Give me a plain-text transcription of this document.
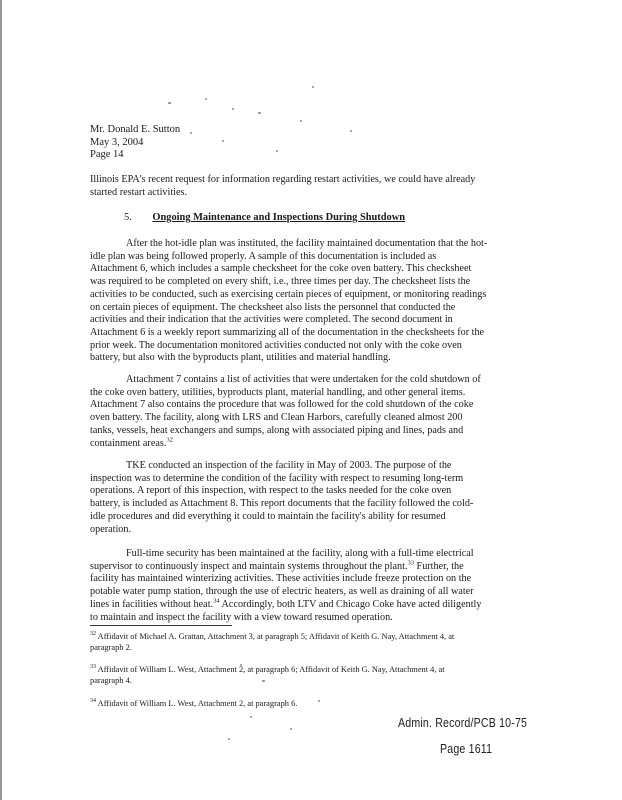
Mr. Donald E. Sutton
May 3, 2004
Page 14

Illinois EPA's recent request for information regarding restart activities, we could have already
started restart activities.

5. Ongoing Maintenance and Inspections During Shutdown

After the hot-idle plan was instituted, the facility maintained documentation that the hot-
idle plan was being followed properly. A sample of this documentation is included as
Attachment 6, which includes a sample checksheet for the coke oven battery. This checksheet
was required to be completed on every shift, i.e., three times per day. The checksheet lists the
activities to be conducted, such as exercising certain pieces of equipment, or monitoring readings
on certain pieces of equipment. The checksheet also lists the personnel that conducted the
activities and their indication that the activities were completed. The second document in
Attachment 6 is a weekly report summarizing all of the documentation in the checksheets for the
prior week. The documentation monitored activities conducted not only with the coke oven
battery, but also with the byproducts plant, utilities and material handling.

Attachment 7 contains a list of activities that were undertaken for the cold shutdown of
the coke oven battery, utilities, byproducts plant, material handling, and other general items.
Attachment 7 also contains the procedure that was followed for the cold shutdown of the coke
oven battery. The facility, along with LRS and Clean Harbors, carefully cleaned almost 200
tanks, vessels, heat exchangers and sumps, along with associated piping and lines, pads and
containment areas.$^{32}$

TKE conducted an inspection of the facility in May of 2003. The purpose of the
inspection was to determine the condition of the facility with respect to resuming long-term
operations. A report of this inspection, with respect to the tasks needed for the coke oven
battery, is included as Attachment 8. This report documents that the facility followed the cold-
idle procedures and did everything it could to maintain the facility's ability for resumed
operation.

Full-time security has been maintained at the facility, along with a full-time electrical
supervisor to continuously inspect and maintain systems throughout the plant.$^{33}$ Further, the
facility has maintained winterizing activities. These activities include freeze protection on the
potable water pump station, through the use of electric heaters, as well as draining of all water
lines in facilities without heat.$^{34}$ Accordingly, both LTV and Chicago Coke have acted diligently
to maintain and inspect the facility with a view toward resumed operation.

$^{32}$ Affidavit of Michael A. Grattan, Attachment 3, at paragraph 5; Affidavit of Keith G. Nay, Attachment 4, at
paragraph 2.
$^{33}$ Affidavit of William L. West, Attachment 2, at paragraph 6; Affidavit of Keith G. Nay, Attachment 4, at
paragraph 4.
$^{34}$ Affidavit of William L. West, Attachment 2, at paragraph 6.
Admin. Record/PCB 10-75
Page 1611
